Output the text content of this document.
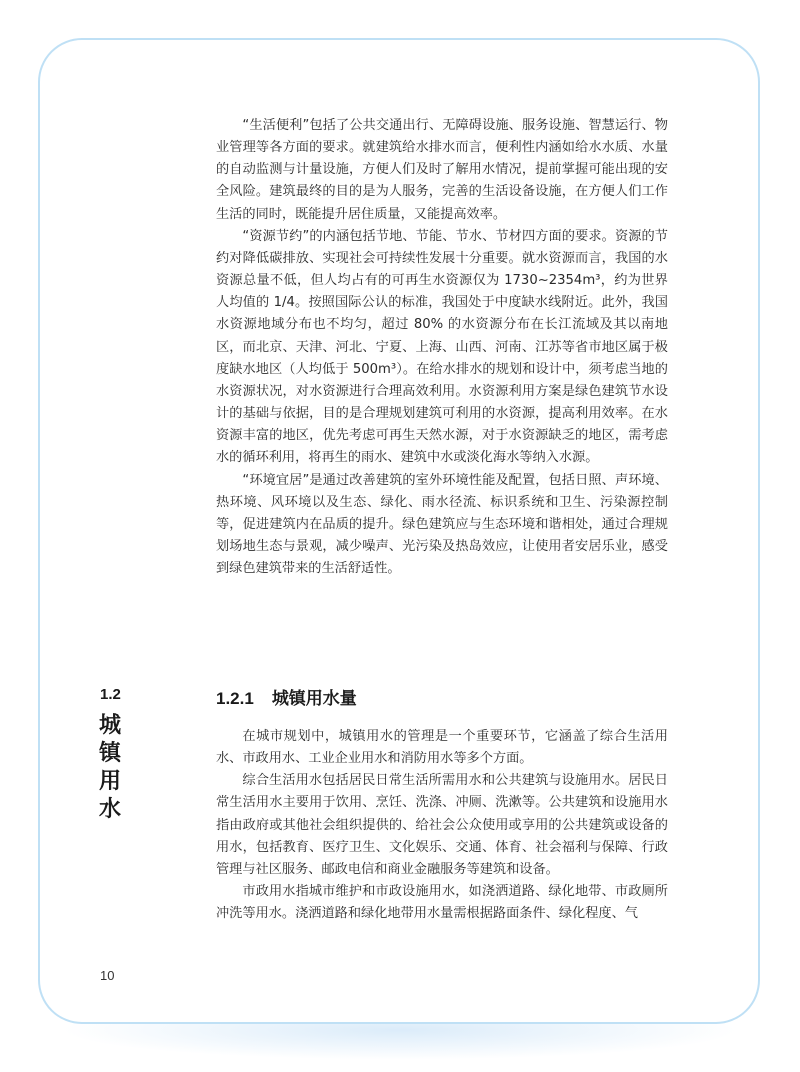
“生活便利”包括了公共交通出行、无障碍设施、服务设施、智慧运行、物业管理等各方面的要求。就建筑给水排水而言，便利性内涵如给水水质、水量的自动监测与计量设施，方便人们及时了解用水情况，提前掌握可能出现的安全风险。建筑最终的目的是为人服务，完善的生活设备设施，在方便人们工作生活的同时，既能提升居住质量，又能提高效率。

“资源节约”的内涵包括节地、节能、节水、节材四方面的要求。资源的节约对降低碳排放、实现社会可持续性发展十分重要。就水资源而言，我国的水资源总量不低，但人均占有的可再生水资源仅为 1730~2354m³，约为世界人均值的 1/4。按照国际公认的标准，我国处于中度缺水线附近。此外，我国水资源地域分布也不均匀，超过 80% 的水资源分布在长江流域及其以南地区，而北京、天津、河北、宁夏、上海、山西、河南、江苏等省市地区属于极度缺水地区（人均低于 500m³）。在给水排水的规划和设计中，须考虑当地的水资源状况，对水资源进行合理高效利用。水资源利用方案是绿色建筑节水设计的基础与依据，目的是合理规划建筑可利用的水资源，提高利用效率。在水资源丰富的地区，优先考虑可再生天然水源，对于水资源缺乏的地区，需考虑水的循环利用，将再生的雨水、建筑中水或淡化海水等纳入水源。

“环境宜居”是通过改善建筑的室外环境性能及配置，包括日照、声环境、热环境、风环境以及生态、绿化、雨水径流、标识系统和卫生、污染源控制等，促进建筑内在品质的提升。绿色建筑应与生态环境和谐相处，通过合理规划场地生态与景观，减少噪声、光污染及热岛效应，让使用者安居乐业，感受到绿色建筑带来的生活舒适性。

1.2
城镇用水
1.2.1 城镇用水量

在城市规划中，城镇用水的管理是一个重要环节，它涵盖了综合生活用水、市政用水、工业企业用水和消防用水等多个方面。

综合生活用水包括居民日常生活所需用水和公共建筑与设施用水。居民日常生活用水主要用于饮用、烹饪、洗涤、冲厕、洗漱等。公共建筑和设施用水指由政府或其他社会组织提供的、给社会公众使用或享用的公共建筑或设备的用水，包括教育、医疗卫生、文化娱乐、交通、体育、社会福利与保障、行政管理与社区服务、邮政电信和商业金融服务等建筑和设备。

市政用水指城市维护和市政设施用水，如浇洒道路、绿化地带、市政厕所冲洗等用水。浇洒道路和绿化地带用水量需根据路面条件、绿化程度、气

10
